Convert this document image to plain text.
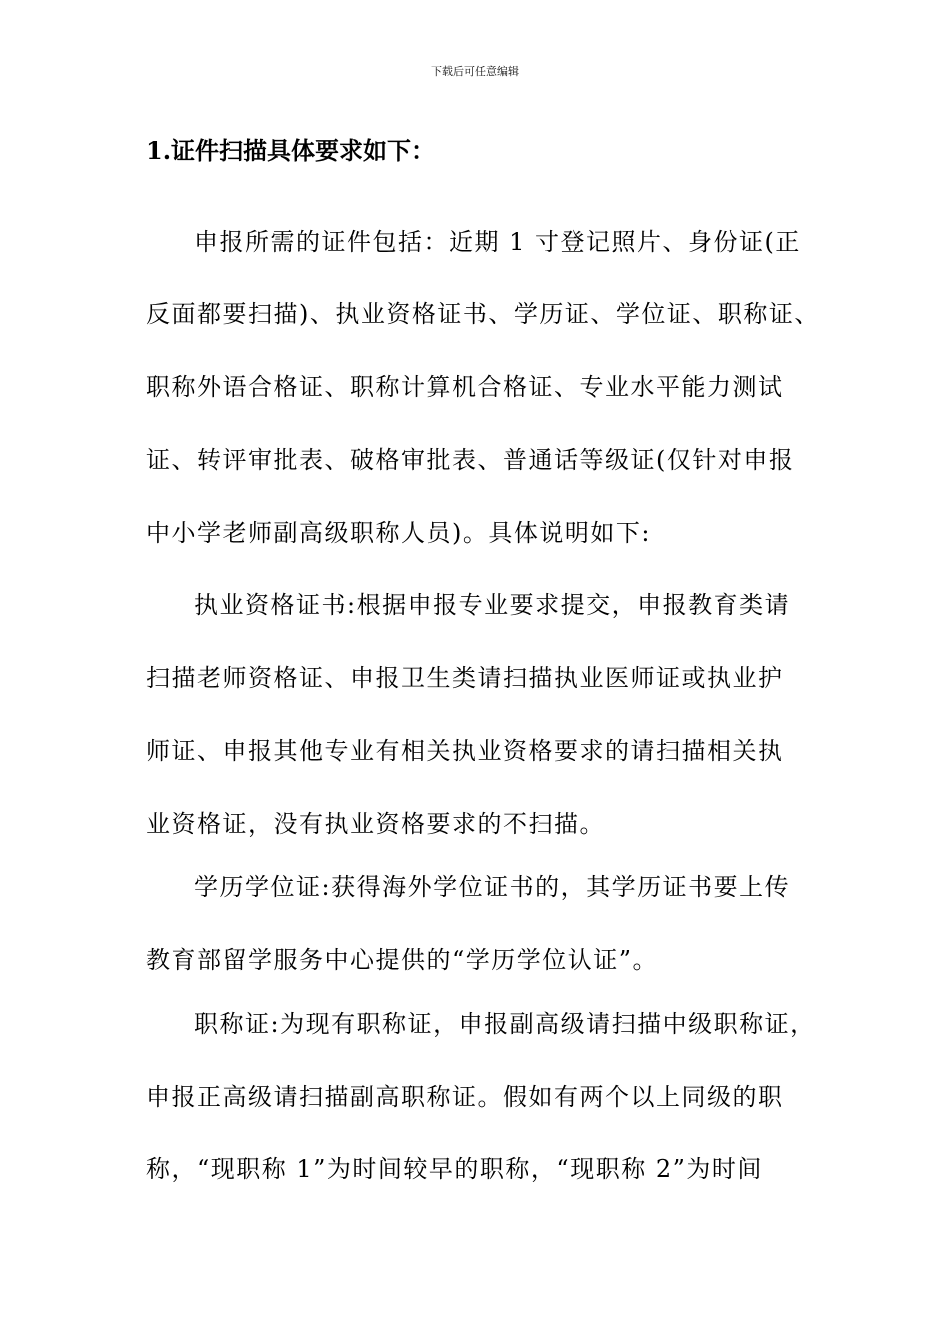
下载后可任意编辑
1.证件扫描具体要求如下：
申报所需的证件包括：近期 1 寸登记照片、身份证(正
反面都要扫描)、执业资格证书、学历证、学位证、职称证、
职称外语合格证、职称计算机合格证、专业水平能力测试
证、转评审批表、破格审批表、普通话等级证(仅针对申报
中小学老师副高级职称人员)。具体说明如下:
执业资格证书:根据申报专业要求提交，申报教育类请
扫描老师资格证、申报卫生类请扫描执业医师证或执业护
师证、申报其他专业有相关执业资格要求的请扫描相关执
业资格证，没有执业资格要求的不扫描。
学历学位证:获得海外学位证书的，其学历证书要上传
教育部留学服务中心提供的“学历学位认证”。
职称证:为现有职称证，申报副高级请扫描中级职称证，
申报正高级请扫描副高职称证。假如有两个以上同级的职
称，“现职称 1”为时间较早的职称，“现职称 2”为时间
